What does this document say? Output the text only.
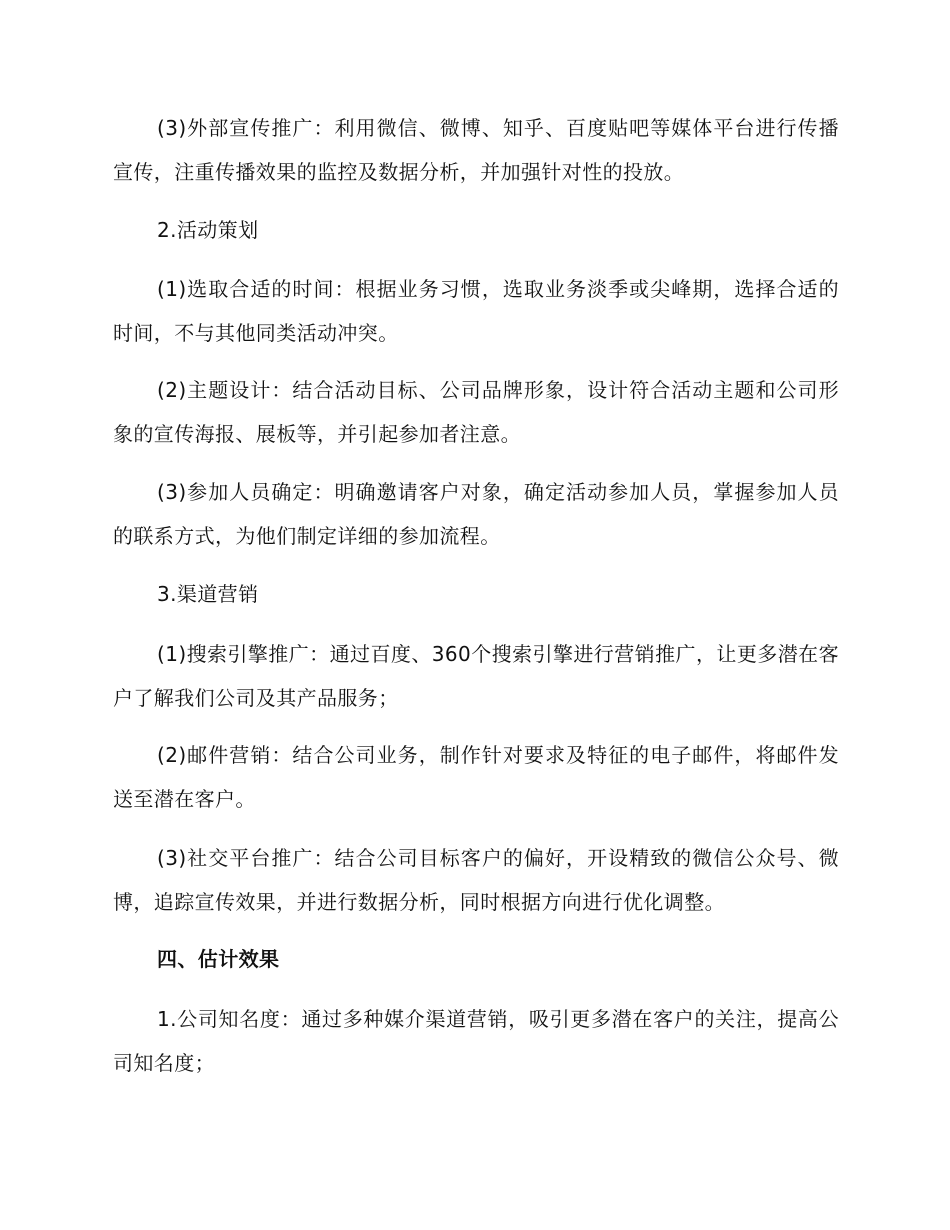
(3)外部宣传推广：利用微信、微博、知乎、百度贴吧等媒体平台进行传播宣传，注重传播效果的监控及数据分析，并加强针对性的投放。

2.活动策划

(1)选取合适的时间：根据业务习惯，选取业务淡季或尖峰期，选择合适的时间，不与其他同类活动冲突。

(2)主题设计：结合活动目标、公司品牌形象，设计符合活动主题和公司形象的宣传海报、展板等，并引起参加者注意。

(3)参加人员确定：明确邀请客户对象，确定活动参加人员，掌握参加人员的联系方式，为他们制定详细的参加流程。

3.渠道营销

(1)搜索引擎推广：通过百度、360个搜索引擎进行营销推广，让更多潜在客户了解我们公司及其产品服务；

(2)邮件营销：结合公司业务，制作针对要求及特征的电子邮件，将邮件发送至潜在客户。

(3)社交平台推广：结合公司目标客户的偏好，开设精致的微信公众号、微博，追踪宣传效果，并进行数据分析，同时根据方向进行优化调整。

四、估计效果

1.公司知名度：通过多种媒介渠道营销，吸引更多潜在客户的关注，提高公司知名度；
